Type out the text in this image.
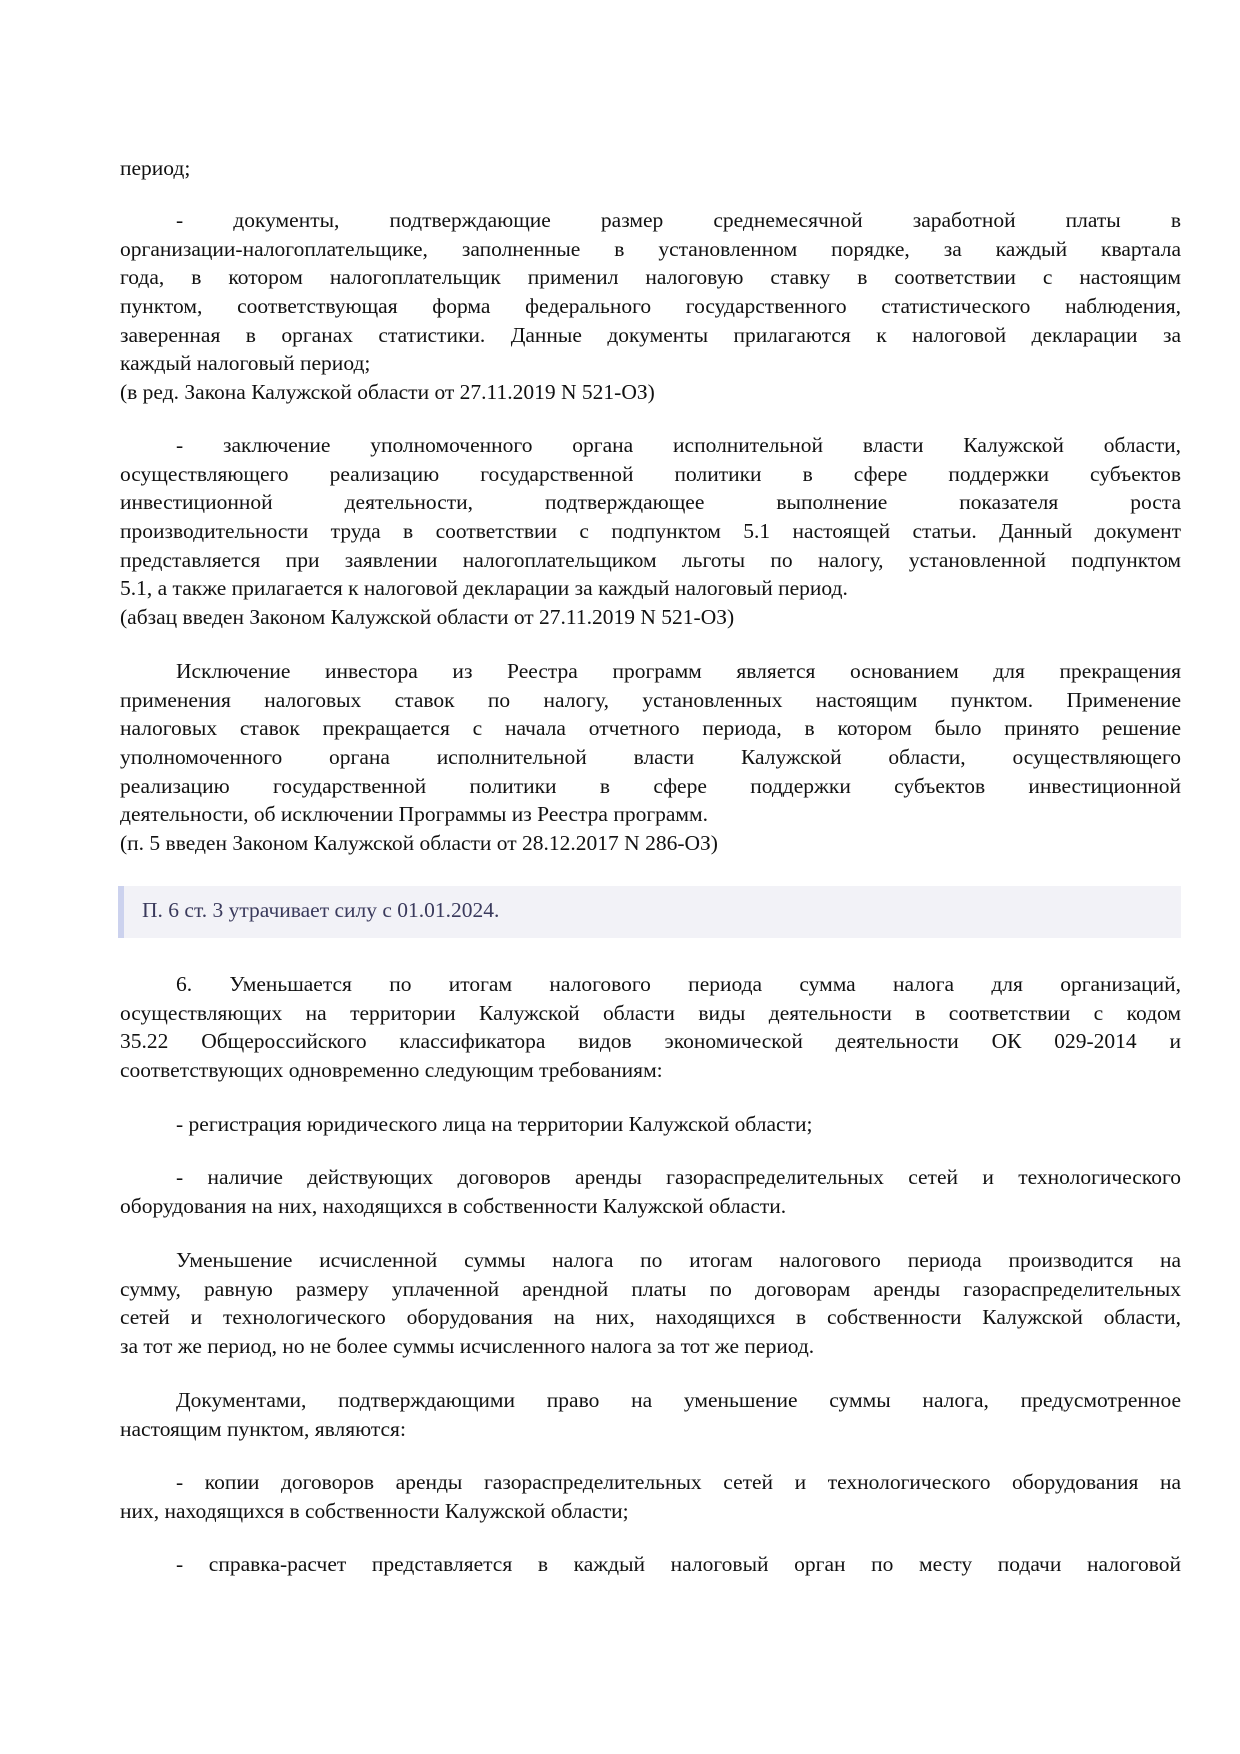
период;
- документы, подтверждающие размер среднемесячной заработной платы в
организации-налогоплательщике, заполненные в установленном порядке, за каждый квартала
года, в котором налогоплательщик применил налоговую ставку в соответствии с настоящим
пунктом, соответствующая форма федерального государственного статистического наблюдения,
заверенная в органах статистики. Данные документы прилагаются к налоговой декларации за
каждый налоговый период;
(в ред. Закона Калужской области от 27.11.2019 N 521-ОЗ)
- заключение уполномоченного органа исполнительной власти Калужской области,
осуществляющего реализацию государственной политики в сфере поддержки субъектов
инвестиционной деятельности, подтверждающее выполнение показателя роста
производительности труда в соответствии с подпунктом 5.1 настоящей статьи. Данный документ
представляется при заявлении налогоплательщиком льготы по налогу, установленной подпунктом
5.1, а также прилагается к налоговой декларации за каждый налоговый период.
(абзац введен Законом Калужской области от 27.11.2019 N 521-ОЗ)
Исключение инвестора из Реестра программ является основанием для прекращения
применения налоговых ставок по налогу, установленных настоящим пунктом. Применение
налоговых ставок прекращается с начала отчетного периода, в котором было принято решение
уполномоченного органа исполнительной власти Калужской области, осуществляющего
реализацию государственной политики в сфере поддержки субъектов инвестиционной
деятельности, об исключении Программы из Реестра программ.
(п. 5 введен Законом Калужской области от 28.12.2017 N 286-ОЗ)
П. 6 ст. 3 утрачивает силу с 01.01.2024.
6. Уменьшается по итогам налогового периода сумма налога для организаций,
осуществляющих на территории Калужской области виды деятельности в соответствии с кодом
35.22 Общероссийского классификатора видов экономической деятельности ОК 029-2014 и
соответствующих одновременно следующим требованиям:
- регистрация юридического лица на территории Калужской области;
- наличие действующих договоров аренды газораспределительных сетей и технологического
оборудования на них, находящихся в собственности Калужской области.
Уменьшение исчисленной суммы налога по итогам налогового периода производится на
сумму, равную размеру уплаченной арендной платы по договорам аренды газораспределительных
сетей и технологического оборудования на них, находящихся в собственности Калужской области,
за тот же период, но не более суммы исчисленного налога за тот же период.
Документами, подтверждающими право на уменьшение суммы налога, предусмотренное
настоящим пунктом, являются:
- копии договоров аренды газораспределительных сетей и технологического оборудования на
них, находящихся в собственности Калужской области;
- справка-расчет представляется в каждый налоговый орган по месту подачи налоговой
